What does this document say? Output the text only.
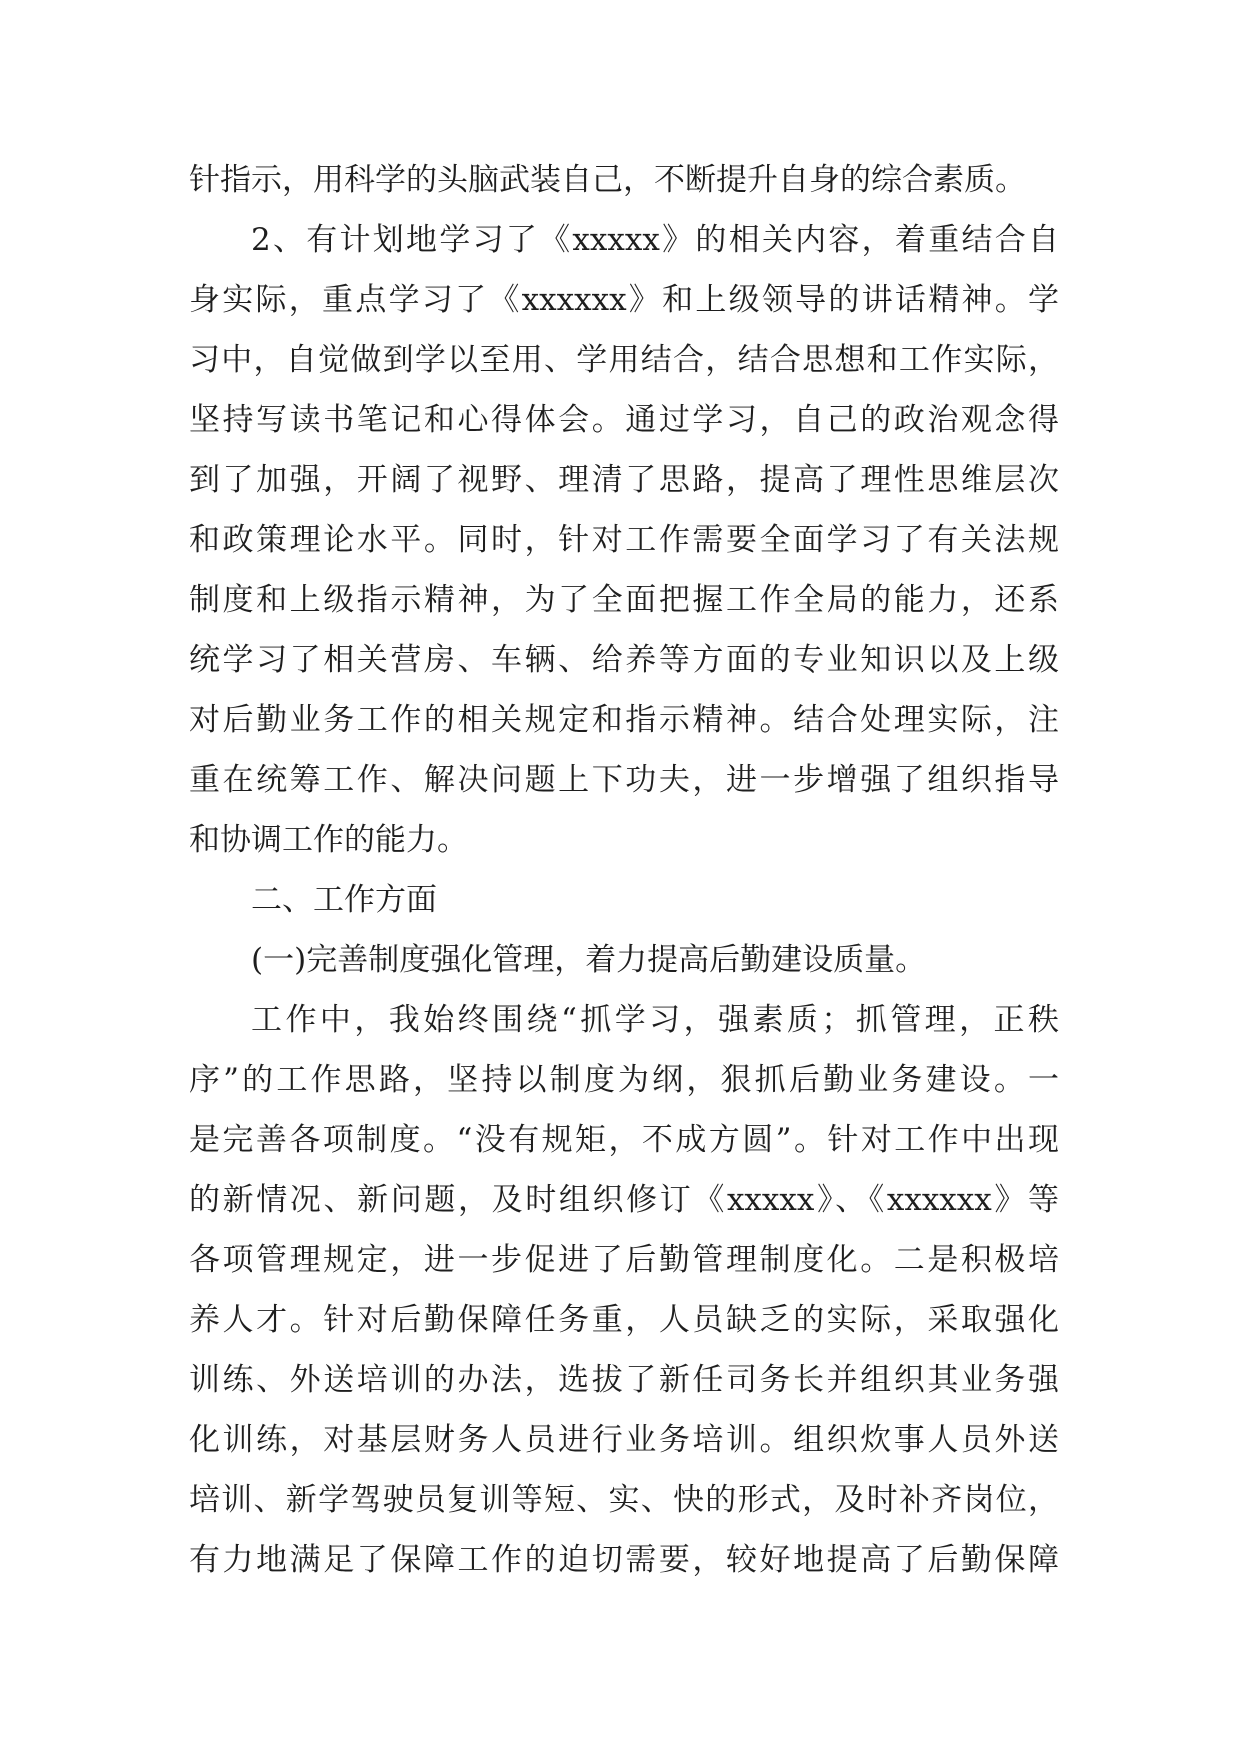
针指示，用科学的头脑武装自己，不断提升自身的综合素质。
2、有计划地学习了《xxxxx》的相关内容，着重结合自
身实际，重点学习了《xxxxxx》和上级领导的讲话精神。学
习中，自觉做到学以至用、学用结合，结合思想和工作实际，
坚持写读书笔记和心得体会。通过学习，自己的政治观念得
到了加强，开阔了视野、理清了思路，提高了理性思维层次
和政策理论水平。同时，针对工作需要全面学习了有关法规
制度和上级指示精神，为了全面把握工作全局的能力，还系
统学习了相关营房、车辆、给养等方面的专业知识以及上级
对后勤业务工作的相关规定和指示精神。结合处理实际，注
重在统筹工作、解决问题上下功夫，进一步增强了组织指导
和协调工作的能力。
二、工作方面
(一)完善制度强化管理，着力提高后勤建设质量。
工作中，我始终围绕“抓学习，强素质；抓管理，正秩
序”的工作思路，坚持以制度为纲，狠抓后勤业务建设。一
是完善各项制度。“没有规矩，不成方圆”。针对工作中出现
的新情况、新问题，及时组织修订《xxxxx》、《xxxxxx》等
各项管理规定，进一步促进了后勤管理制度化。二是积极培
养人才。针对后勤保障任务重，人员缺乏的实际，采取强化
训练、外送培训的办法，选拔了新任司务长并组织其业务强
化训练，对基层财务人员进行业务培训。组织炊事人员外送
培训、新学驾驶员复训等短、实、快的形式，及时补齐岗位，
有力地满足了保障工作的迫切需要，较好地提高了后勤保障
